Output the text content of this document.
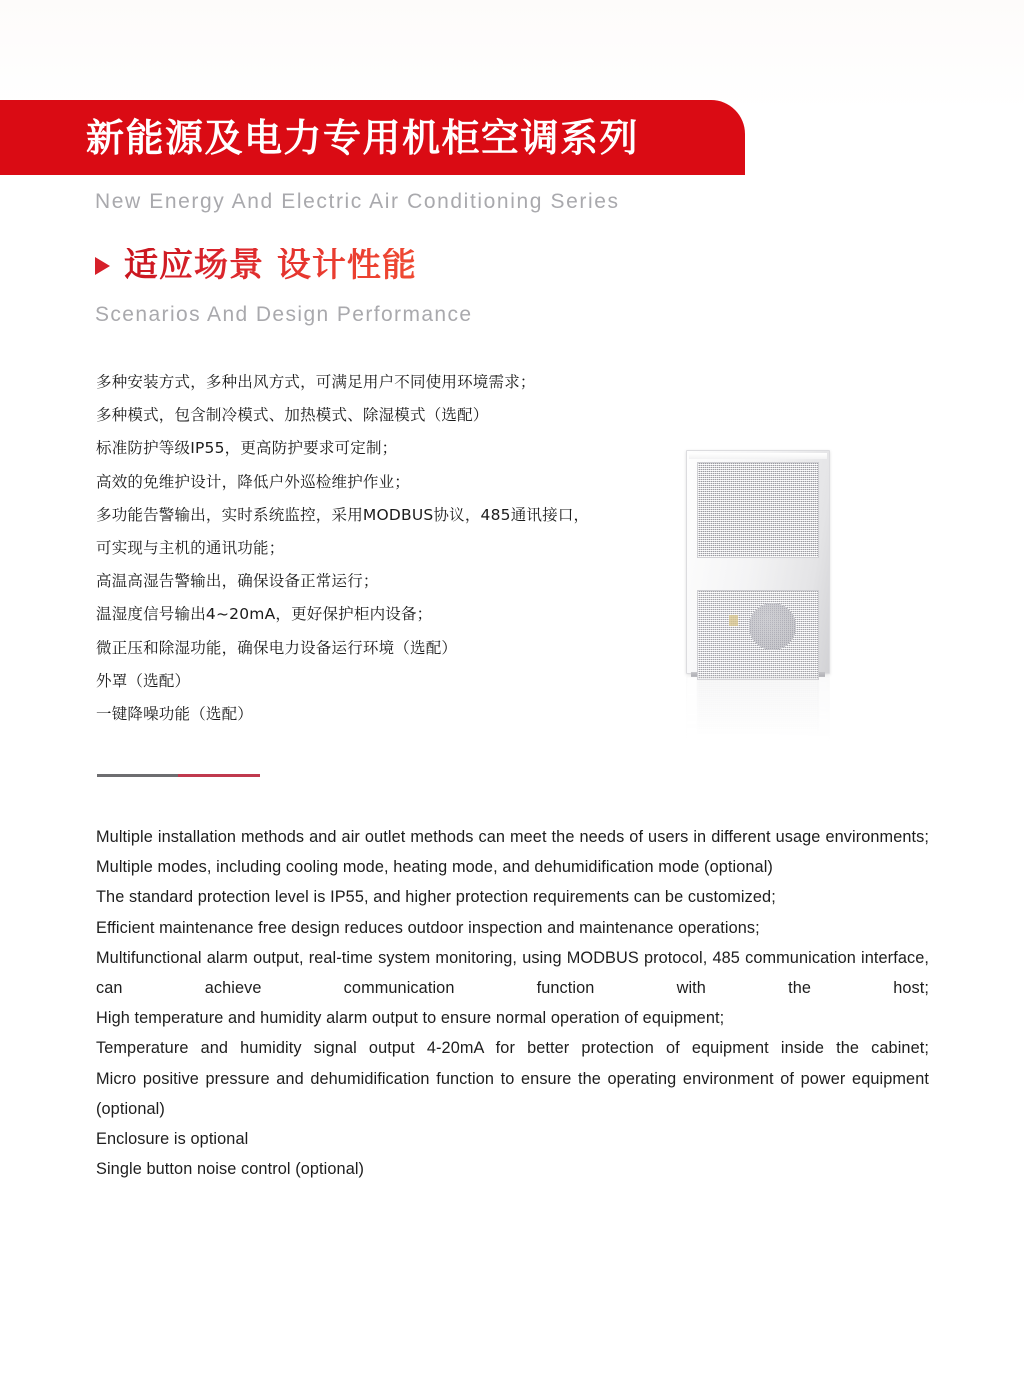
新能源及电力专用机柜空调系列
New Energy And Electric Air Conditioning Series
适应场景 设计性能
Scenarios And Design Performance
多种安装方式，多种出风方式，可满足用户不同使用环境需求；
多种模式，包含制冷模式、加热模式、除湿模式（选配）
标准防护等级IP55，更高防护要求可定制；
高效的免维护设计，降低户外巡检维护作业；
多功能告警输出，实时系统监控，采用MODBUS协议，485通讯接口，
可实现与主机的通讯功能；
高温高湿告警输出，确保设备正常运行；
温湿度信号输出4~20mA，更好保护柜内设备；
微正压和除湿功能，确保电力设备运行环境（选配）
外罩（选配）
一键降噪功能（选配）
Multiple installation methods and air outlet methods can meet the needs of users in different usage environments;
Multiple modes, including cooling mode, heating mode, and dehumidification mode (optional)
The standard protection level is IP55, and higher protection requirements can be customized;
Efficient maintenance free design reduces outdoor inspection and maintenance operations;
Multifunctional alarm output, real-time system monitoring, using MODBUS protocol, 485 communication interface, can achieve communication function with the host;
High temperature and humidity alarm output to ensure normal operation of equipment;
Temperature and humidity signal output 4-20mA for better protection of equipment inside the cabinet;
Micro positive pressure and dehumidification function to ensure the operating environment of power equipment (optional)
Enclosure is optional
Single button noise control (optional)
